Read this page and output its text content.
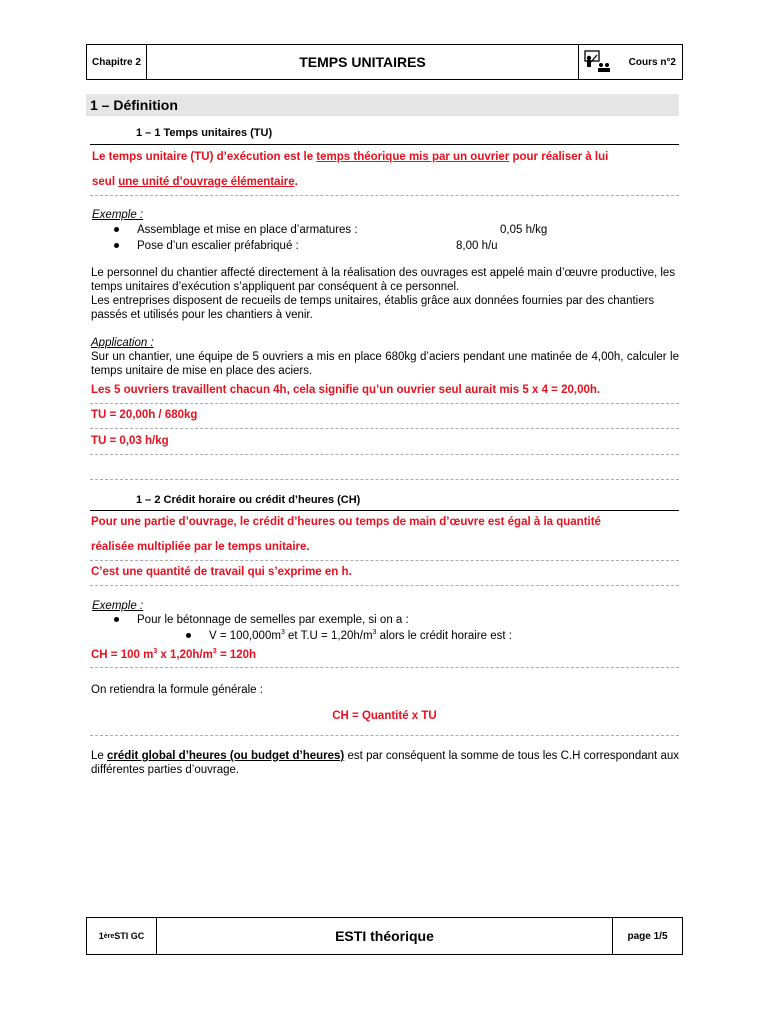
Chapitre 2	TEMPS UNITAIRES	Cours n°2
1 – Définition
1 – 1 Temps unitaires (TU)
Le temps unitaire (TU) d’exécution est le temps théorique mis par un ouvrier pour réaliser à lui
seul une unité d’ouvrage élémentaire.
Exemple :
Assemblage et mise en place d’armatures :	0,05 h/kg
Pose d’un escalier préfabriqué :	8,00 h/u
Le personnel du chantier affecté directement à la réalisation des ouvrages est appelé main d’œuvre productive, les temps unitaires d’exécution s’appliquent par conséquent à ce personnel.
Les entreprises disposent de recueils de temps unitaires, établis grâce aux données fournies par des chantiers passés et utilisés pour les chantiers à venir.
Application :
Sur un chantier, une équipe de 5 ouvriers a mis en place 680kg d’aciers pendant une matinée de 4,00h, calculer le temps unitaire de mise en place des aciers.
Les 5 ouvriers travaillent chacun 4h, cela signifie qu’un ouvrier seul aurait mis 5 x 4 = 20,00h.
TU = 20,00h / 680kg
TU = 0,03 h/kg
1 – 2 Crédit horaire ou crédit d’heures (CH)
Pour une partie d’ouvrage, le crédit d’heures ou temps de main d’œuvre est égal à la quantité
réalisée multipliée par le temps unitaire.
C’est une quantité de travail qui s’exprime en h.
Exemple :
Pour le bétonnage de semelles par exemple, si on a :
$V = 100,000m^3$ et $T.U = 1,20h/m^3$ alors le crédit horaire est :
CH = 100 $m^3$ x $1,20h/m^3 = 120h$
On retiendra la formule générale :
CH = Quantité x TU
Le crédit global d’heures (ou budget d’heures) est par conséquent la somme de tous les C.H correspondant aux différentes parties d’ouvrage.
1 ère STI GC	ESTI théorique	page 1/5
